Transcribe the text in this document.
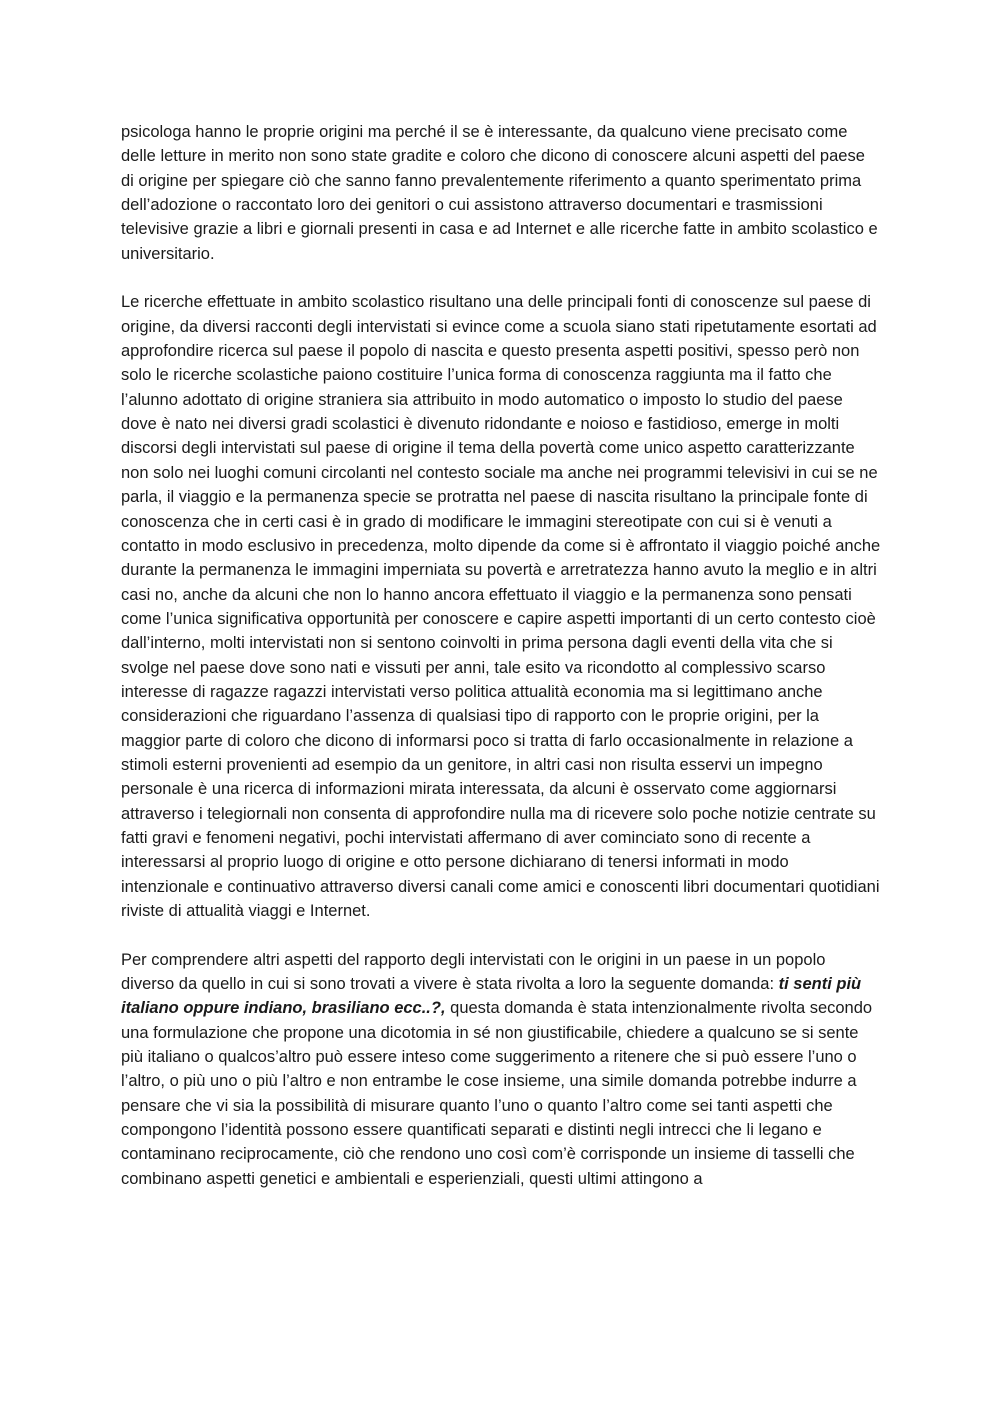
psicologa hanno le proprie origini ma perché il se è interessante, da qualcuno viene precisato come delle letture in merito non sono state gradite e coloro che dicono di conoscere alcuni aspetti del paese di origine per spiegare ciò che sanno fanno prevalentemente riferimento a quanto sperimentato prima dell’adozione o raccontato loro dei genitori o cui assistono attraverso documentari e trasmissioni televisive grazie a libri e giornali presenti in casa e ad Internet e alle ricerche fatte in ambito scolastico e universitario.

Le ricerche effettuate in ambito scolastico risultano una delle principali fonti di conoscenze sul paese di origine, da diversi racconti degli intervistati si evince come a scuola siano stati ripetutamente esortati ad approfondire ricerca sul paese il popolo di nascita e questo presenta aspetti positivi, spesso però non solo le ricerche scolastiche paiono costituire l’unica forma di conoscenza raggiunta ma il fatto che l’alunno adottato di origine straniera sia attribuito in modo automatico o imposto lo studio del paese dove è nato nei diversi gradi scolastici è divenuto ridondante e noioso e fastidioso, emerge in molti discorsi degli intervistati sul paese di origine il tema della povertà come unico aspetto caratterizzante non solo nei luoghi comuni circolanti nel contesto sociale ma anche nei programmi televisivi in cui se ne parla, il viaggio e la permanenza specie se protratta nel paese di nascita risultano la principale fonte di conoscenza che in certi casi è in grado di modificare le immagini stereotipate con cui si è venuti a contatto in modo esclusivo in precedenza, molto dipende da come si è affrontato il viaggio poiché anche durante la permanenza le immagini imperniata su povertà e arretratezza hanno avuto la meglio e in altri casi no, anche da alcuni che non lo hanno ancora effettuato il viaggio e la permanenza sono pensati come l’unica significativa opportunità per conoscere e capire aspetti importanti di un certo contesto cioè dall’interno, molti intervistati non si sentono coinvolti in prima persona dagli eventi della vita che si svolge nel paese dove sono nati e vissuti per anni, tale esito va ricondotto al complessivo scarso interesse di ragazze ragazzi intervistati verso politica attualità economia ma si legittimano anche considerazioni che riguardano l’assenza di qualsiasi tipo di rapporto con le proprie origini, per la maggior parte di coloro che dicono di informarsi poco si tratta di farlo occasionalmente in relazione a stimoli esterni provenienti ad esempio da un genitore, in altri casi non risulta esservi un impegno personale è una ricerca di informazioni mirata interessata, da alcuni è osservato come aggiornarsi attraverso i telegiornali non consenta di approfondire nulla ma di ricevere solo poche notizie centrate su fatti gravi e fenomeni negativi, pochi intervistati affermano di aver cominciato sono di recente a interessarsi al proprio luogo di origine e otto persone dichiarano di tenersi informati in modo intenzionale e continuativo attraverso diversi canali come amici e conoscenti libri documentari quotidiani riviste di attualità viaggi e Internet.

Per comprendere altri aspetti del rapporto degli intervistati con le origini in un paese in un popolo diverso da quello in cui si sono trovati a vivere è stata rivolta a loro la seguente domanda: ti senti più italiano oppure indiano, brasiliano ecc..?, questa domanda è stata intenzionalmente rivolta secondo una formulazione che propone una dicotomia in sé non giustificabile, chiedere a qualcuno se si sente più italiano o qualcos’altro può essere inteso come suggerimento a ritenere che si può essere l’uno o l’altro, o più uno o più l’altro e non entrambe le cose insieme, una simile domanda potrebbe indurre a pensare che vi sia la possibilità di misurare quanto l’uno o quanto l’altro come sei tanti aspetti che compongono l’identità possono essere quantificati separati e distinti negli intrecci che li legano e contaminano reciprocamente, ciò che rendono uno così com’è corrisponde un insieme di tasselli che combinano aspetti genetici e ambientali e esperienziali, questi ultimi attingono a
